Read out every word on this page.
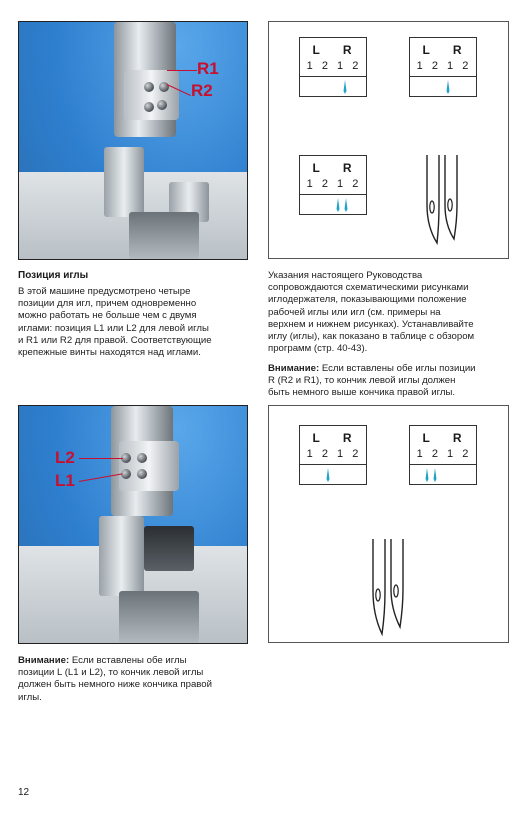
R1
R2
L R
1 2 1 2
L R
1 2 1 2
L R
1 2 1 2
Позиция иглы
В этой машине предусмотрено четыре
позиции для игл, причем одновременно
можно работать не больше чем с двумя
иглами: позиция L1 или L2 для левой иглы
и R1 или R2 для правой. Соответствующие
крепежные винты находятся над иглами.
Указания настоящего Руководства
сопровождаются схематическими рисунками
иглодержателя, показывающими положение
рабочей иглы или игл (см. примеры на
верхнем и нижнем рисунках). Устанавливайте
иглу (иглы), как показано в таблице с обзором
программ (стр. 40-43).
Внимание: Если вставлены обе иглы позиции
R (R2 и R1), то кончик левой иглы должен
быть немного выше кончика правой иглы.
L2
L1
L R
1 2 1 2
L R
1 2 1 2
Внимание: Если вставлены обе иглы
позиции L (L1 и L2), то кончик левой иглы
должен быть немного ниже кончика правой
иглы.
12
